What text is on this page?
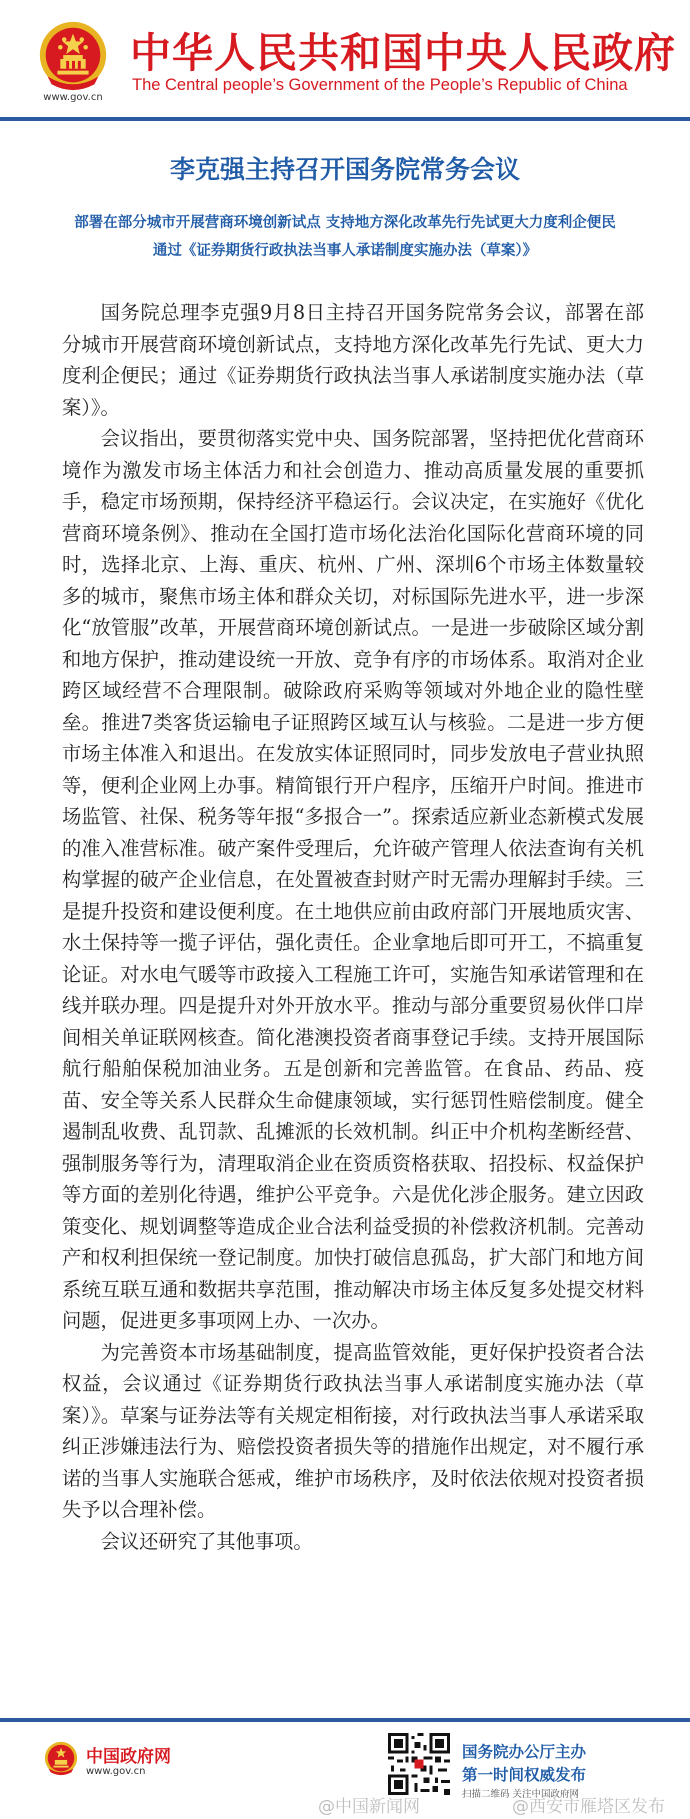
www.gov.cn
中华人民共和国中央人民政府
The Central people’s Government of the People’s Republic of China
李克强主持召开国务院常务会议
部署在部分城市开展营商环境创新试点 支持地方深化改革先行先试更大力度利企便民
通过《证券期货行政执法当事人承诺制度实施办法（草案）》

国务院总理李克强9月8日主持召开国务院常务会议，部署在部分城市开展营商环境创新试点，支持地方深化改革先行先试、更大力度利企便民；通过《证券期货行政执法当事人承诺制度实施办法（草案）》。

会议指出，要贯彻落实党中央、国务院部署，坚持把优化营商环境作为激发市场主体活力和社会创造力、推动高质量发展的重要抓手，稳定市场预期，保持经济平稳运行。会议决定，在实施好《优化营商环境条例》、推动在全国打造市场化法治化国际化营商环境的同时，选择北京、上海、重庆、杭州、广州、深圳6个市场主体数量较多的城市，聚焦市场主体和群众关切，对标国际先进水平，进一步深化“放管服”改革，开展营商环境创新试点。一是进一步破除区域分割和地方保护，推动建设统一开放、竞争有序的市场体系。取消对企业跨区域经营不合理限制。破除政府采购等领域对外地企业的隐性壁垒。推进7类客货运输电子证照跨区域互认与核验。二是进一步方便市场主体准入和退出。在发放实体证照同时，同步发放电子营业执照等，便利企业网上办事。精简银行开户程序，压缩开户时间。推进市场监管、社保、税务等年报“多报合一”。探索适应新业态新模式发展的准入准营标准。破产案件受理后，允许破产管理人依法查询有关机构掌握的破产企业信息，在处置被查封财产时无需办理解封手续。三是提升投资和建设便利度。在土地供应前由政府部门开展地质灾害、水土保持等一揽子评估，强化责任。企业拿地后即可开工，不搞重复论证。对水电气暖等市政接入工程施工许可，实施告知承诺管理和在线并联办理。四是提升对外开放水平。推动与部分重要贸易伙伴口岸间相关单证联网核查。简化港澳投资者商事登记手续。支持开展国际航行船舶保税加油业务。五是创新和完善监管。在食品、药品、疫苗、安全等关系人民群众生命健康领域，实行惩罚性赔偿制度。健全遏制乱收费、乱罚款、乱摊派的长效机制。纠正中介机构垄断经营、强制服务等行为，清理取消企业在资质资格获取、招投标、权益保护等方面的差别化待遇，维护公平竞争。六是优化涉企服务。建立因政策变化、规划调整等造成企业合法利益受损的补偿救济机制。完善动产和权利担保统一登记制度。加快打破信息孤岛，扩大部门和地方间系统互联互通和数据共享范围，推动解决市场主体反复多处提交材料问题，促进更多事项网上办、一次办。

为完善资本市场基础制度，提高监管效能，更好保护投资者合法权益，会议通过《证券期货行政执法当事人承诺制度实施办法（草案）》。草案与证券法等有关规定相衔接，对行政执法当事人承诺采取纠正涉嫌违法行为、赔偿投资者损失等的措施作出规定，对不履行承诺的当事人实施联合惩戒，维护市场秩序，及时依法依规对投资者损失予以合理补偿。

会议还研究了其他事项。

中国政府网
www.gov.cn
国务院办公厅主办
第一时间权威发布
扫描二维码 关注中国政府网
@中国新闻网	@西安市雁塔区发布
